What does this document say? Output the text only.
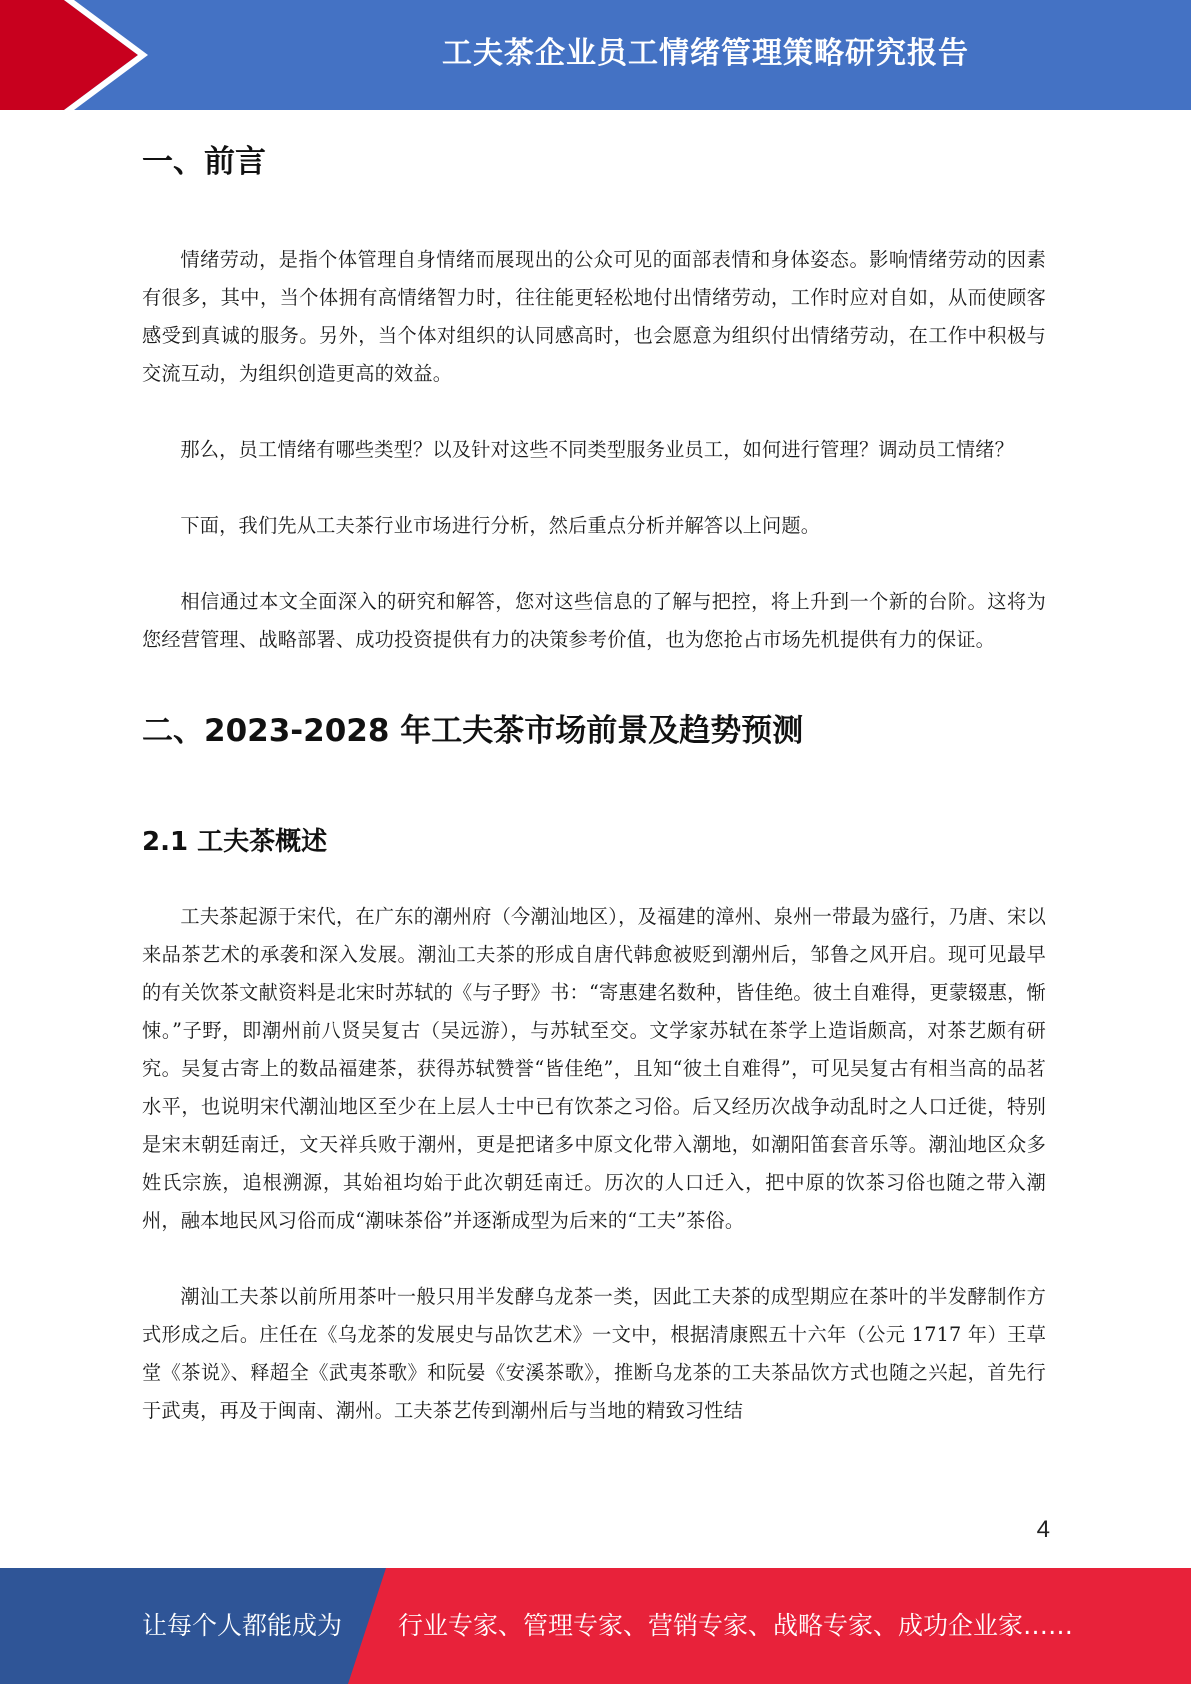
工夫茶企业员工情绪管理策略研究报告
一、前言

情绪劳动，是指个体管理自身情绪而展现出的公众可见的面部表情和身体姿态。影响情绪劳动的因素有很多，其中，当个体拥有高情绪智力时，往往能更轻松地付出情绪劳动，工作时应对自如，从而使顾客感受到真诚的服务。另外，当个体对组织的认同感高时，也会愿意为组织付出情绪劳动，在工作中积极与交流互动，为组织创造更高的效益。

那么，员工情绪有哪些类型？以及针对这些不同类型服务业员工，如何进行管理？调动员工情绪？

下面，我们先从工夫茶行业市场进行分析，然后重点分析并解答以上问题。

相信通过本文全面深入的研究和解答，您对这些信息的了解与把控，将上升到一个新的台阶。这将为您经营管理、战略部署、成功投资提供有力的决策参考价值，也为您抢占市场先机提供有力的保证。

二、2023-2028 年工夫茶市场前景及趋势预测
2.1 工夫茶概述

工夫茶起源于宋代，在广东的潮州府（今潮汕地区），及福建的漳州、泉州一带最为盛行，乃唐、宋以来品茶艺术的承袭和深入发展。潮汕工夫茶的形成自唐代韩愈被贬到潮州后，邹鲁之风开启。现可见最早的有关饮茶文献资料是北宋时苏轼的《与子野》书：“寄惠建名数种，皆佳绝。彼土自难得，更蒙辍惠，惭悚。”子野，即潮州前八贤吴复古（吴远游），与苏轼至交。文学家苏轼在茶学上造诣颇高，对茶艺颇有研究。吴复古寄上的数品福建茶，获得苏轼赞誉“皆佳绝”，且知“彼土自难得”，可见吴复古有相当高的品茗水平，也说明宋代潮汕地区至少在上层人士中已有饮茶之习俗。后又经历次战争动乱时之人口迁徙，特别是宋末朝廷南迁，文天祥兵败于潮州，更是把诸多中原文化带入潮地，如潮阳笛套音乐等。潮汕地区众多姓氏宗族，追根溯源，其始祖均始于此次朝廷南迁。历次的人口迁入，把中原的饮茶习俗也随之带入潮州，融本地民风习俗而成“潮味茶俗”并逐渐成型为后来的“工夫”茶俗。

潮汕工夫茶以前所用茶叶一般只用半发酵乌龙茶一类，因此工夫茶的成型期应在茶叶的半发酵制作方式形成之后。庄任在《乌龙茶的发展史与品饮艺术》一文中，根据清康熙五十六年（公元 1717 年）王草堂《茶说》、释超全《武夷茶歌》和阮晏《安溪茶歌》，推断乌龙茶的工夫茶品饮方式也随之兴起，首先行于武夷，再及于闽南、潮州。工夫茶艺传到潮州后与当地的精致习性结

4
让每个人都能成为 行业专家、管理专家、营销专家、战略专家、成功企业家……
